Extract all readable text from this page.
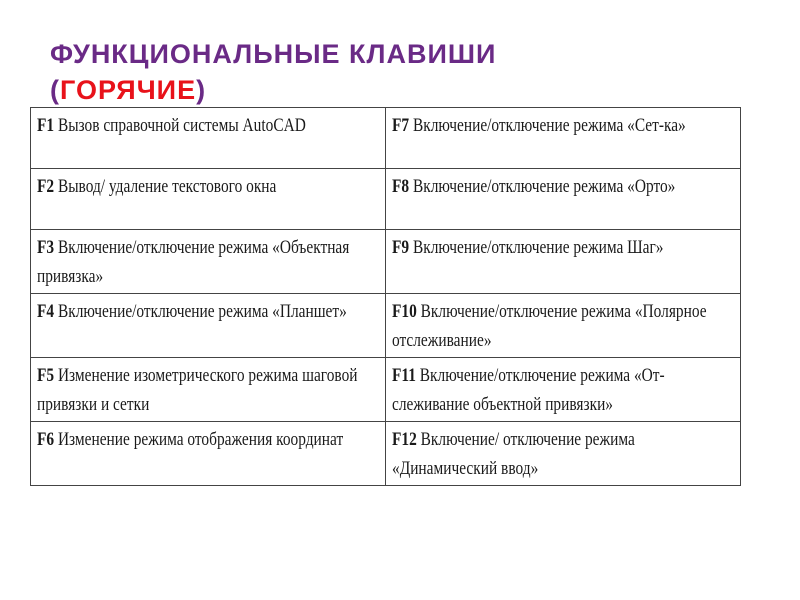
ФУНКЦИОНАЛЬНЫЕ КЛАВИШИ
(ГОРЯЧИЕ)
F1 Вызов справочной системы AutoCAD	F7 Включение/отключение режима «Сет-ка»

F2 Вывод/ удаление текстового окна	F8 Включение/отключение режима «Орто»

F3 Включение/отключение режима «Объектная привязка»	F9 Включение/отключение режима Шаг»

F4 Включение/отключение режима «Планшет»	F10 Включение/отключение режима «Полярное отслеживание»

F5 Изменение изометрического режима шаговой привязки и сетки	F11 Включение/отключение режима «От-слеживание объектной привязки»

F6 Изменение режима отображения координат	F12 Включение/ отключение режима «Динамический ввод»
